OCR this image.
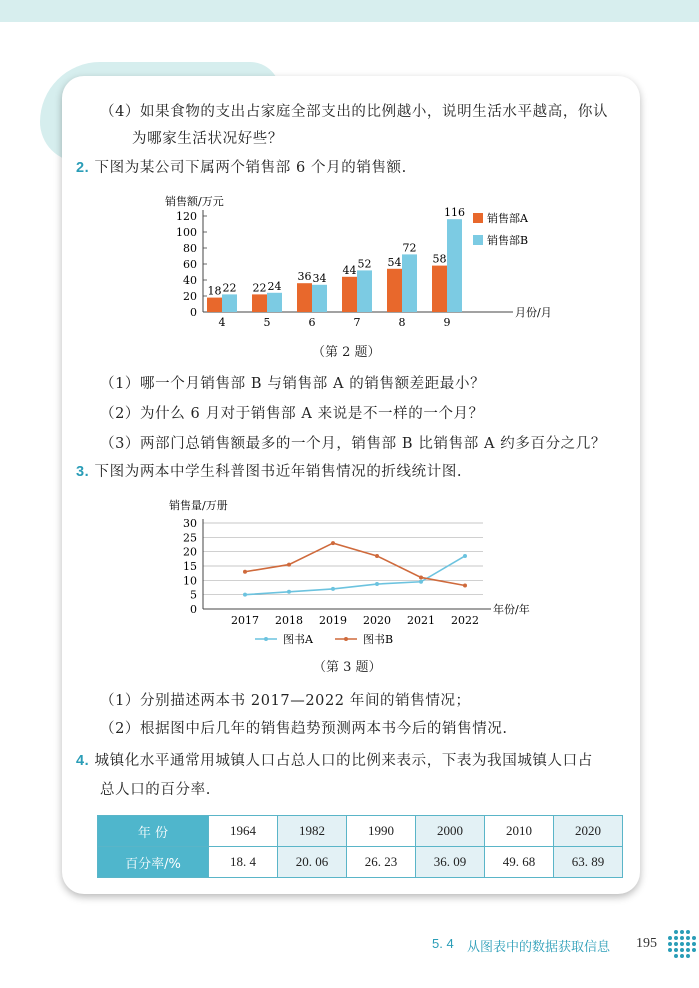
（4）如果食物的支出占家庭全部支出的比例越小，说明生活水平越高，你认
为哪家生活状况好些？
2. 下图为某公司下属两个销售部 6 个月的销售额.
销售额/万元
0
20
40
60
80
100
120
月份/月
18 22
4
22 24
5
36 34
6
44 52
7
54
72
8
58
116
9
销售部A
销售部B
（第 2 题）
（1）哪一个月销售部 B 与销售部 A 的销售额差距最小？
（2）为什么 6 月对于销售部 A 来说是不一样的一个月？
（3）两部门总销售额最多的一个月，销售部 B 比销售部 A 约多百分之几？
3. 下图为两本中学生科普图书近年销售情况的折线统计图.
销售量/万册
0
5
10
15
20
25
30
年份/年
2017 2018 2019 2020 2021 2022
图书A	图书B
（第 3 题）
（1）分别描述两本书 2017—2022 年间的销售情况；
（2）根据图中后几年的销售趋势预测两本书今后的销售情况.
4. 城镇化水平通常用城镇人口占总人口的比例来表示，下表为我国城镇人口占
总人口的百分率.
年 份	1964	1982	1990	2000	2010	2020
百分率/%	18. 4	20. 06	26. 23	36. 09	49. 68	63. 89
5. 4 从图表中的数据获取信息 195
